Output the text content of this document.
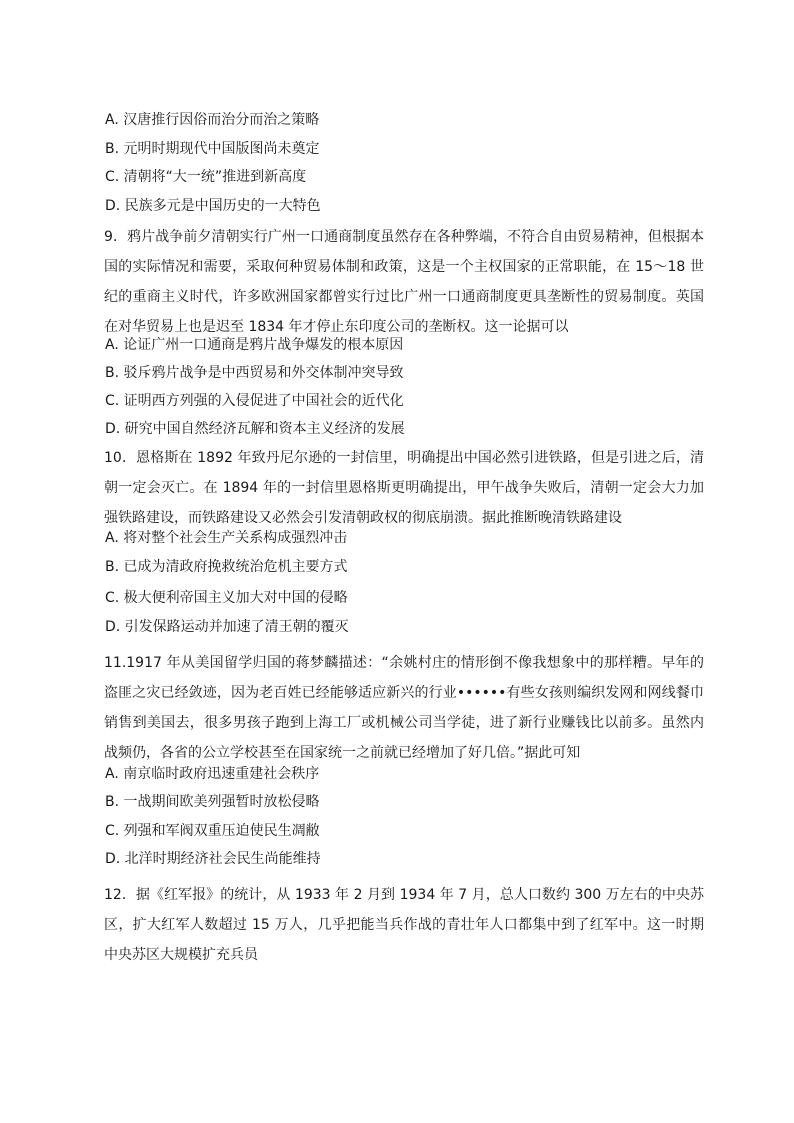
A. 汉唐推行因俗而治分而治之策略
B. 元明时期现代中国版图尚未奠定
C. 清朝将“大一统”推进到新高度
D. 民族多元是中国历史的一大特色
9．鸦片战争前夕清朝实行广州一口通商制度虽然存在各种弊端，不符合自由贸易精神，但根据本国的实际情况和需要，采取何种贸易体制和政策，这是一个主权国家的正常职能，在 15～18 世纪的重商主义时代，许多欧洲国家都曾实行过比广州一口通商制度更具垄断性的贸易制度。英国在对华贸易上也是迟至 1834 年才停止东印度公司的垄断权。这一论据可以
A. 论证广州一口通商是鸦片战争爆发的根本原因
B. 驳斥鸦片战争是中西贸易和外交体制冲突导致
C. 证明西方列强的入侵促进了中国社会的近代化
D. 研究中国自然经济瓦解和资本主义经济的发展
10．恩格斯在 1892 年致丹尼尔逊的一封信里，明确提出中国必然引进铁路，但是引进之后，清朝一定会灭亡。在 1894 年的一封信里恩格斯更明确提出，甲午战争失败后，清朝一定会大力加强铁路建设，而铁路建设又必然会引发清朝政权的彻底崩溃。据此推断晚清铁路建设
A. 将对整个社会生产关系构成强烈冲击
B. 已成为清政府挽救统治危机主要方式
C. 极大便利帝国主义加大对中国的侵略
D. 引发保路运动并加速了清王朝的覆灭
11.1917 年从美国留学归国的蒋梦麟描述：“余姚村庄的情形倒不像我想象中的那样糟。早年的盗匪之灾已经敛迹，因为老百姓已经能够适应新兴的行业••••••有些女孩则编织发网和网线餐巾销售到美国去，很多男孩子跑到上海工厂或机械公司当学徒，进了新行业赚钱比以前多。虽然内战频仍，各省的公立学校甚至在国家统一之前就已经增加了好几倍。”据此可知
A. 南京临时政府迅速重建社会秩序
B. 一战期间欧美列强暂时放松侵略
C. 列强和军阀双重压迫使民生凋敝
D. 北洋时期经济社会民生尚能维持
12．据《红军报》的统计，从 1933 年 2 月到 1934 年 7 月，总人口数约 300 万左右的中央苏区，扩大红军人数超过 15 万人，几乎把能当兵作战的青壮年人口都集中到了红军中。这一时期中央苏区大规模扩充兵员
